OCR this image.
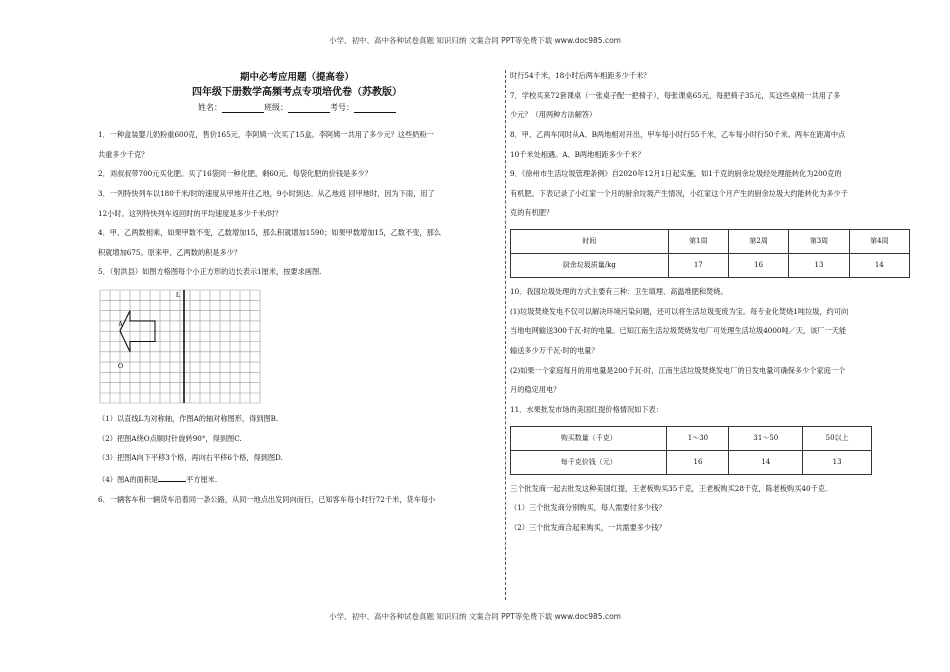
小学、初中、高中各种试卷真题 知识归纳 文案合同 PPT等免费下载 www.doc985.com

期中必考应用题（提高卷）

四年级下册数学高频考点专项培优卷（苏教版）

姓名：	班级：	考号：

1．一种盒装婴儿奶粉重600克，售价165元，李阿姨一次买了15盒。李阿姨一共用了多少元？这些奶粉一

共重多少千克？

2．刘叔叔带700元买化肥。买了16袋同一种化肥，剩60元。每袋化肥的价钱是多少？

3．一列特快列车以180千米/时的速度从甲地开往乙地，9小时到达。从乙地返 回甲地时，因为下雨，用了

12小时。这列特快列车返回时的平均速度是多少千米/时？

4．甲、乙两数相乘，如果甲数不变，乙数增加15，那么积就增加1590；如果甲数增加15，乙数不变，那么

积就增加675。原来甲、乙两数的积是多少？

5．（射洪县）如图方格图每个小正方形的边长表示1厘米，按要求画图.

L
A
O

（1）以直线L为对称轴，作图A的轴对称图形，得到图B.

（2）把图A绕O点顺时针旋转90°，得到图C.

（3）把图A向下平移3个格，再向右平移6个格，得到图D.

（4）图A的面积是	平方厘米.

6．一辆客车和一辆货车沿着同一条公路，从同一地点出发同向而行，已知客车每小时行72千米，货车每小

时行54千米，18小时后两车相距多少千米？

7．学校买来72套课桌（一张桌子配一把椅子），每张课桌65元，每把椅子35元，买这些桌椅一共用了多

少元？（用两种方法解答）

8．甲、乙两车同时从A、B两地相对开出，甲车每小时行55千米，乙车每小时行50千米。两车在距离中点

10千米处相遇。A、B两地相距多少千米？

9．《徐州市生活垃圾管理条例》自2020年12月1日起实施，如1千克的厨余垃圾经处理能转化为200克的

有机肥。下表记录了小红家一个月的厨余垃圾产生情况，小红家这个月产生的厨余垃圾大约能转化为多少千

克的有机肥？

时间	第1周	第2周	第3周	第4周
厨余垃圾质量/kg	17	16	13	14

10．我国垃圾处理的方式主要有三种：卫生填埋、高温堆肥和焚烧。

(1)垃圾焚烧发电不仅可以解决环境污染问题，还可以将生活垃圾变废为宝。每专业化焚烧1吨垃圾，约可向

当地电网输送300千瓦·时的电量。已知江南生活垃圾焚烧发电厂可处理生活垃圾4000吨／天，该厂一天能

输送多少万千瓦·时的电量？

(2)如果一个家庭每月的用电量是200千瓦·时，江南生活垃圾焚烧发电厂的日发电量可确保多少个家庭一个

月的稳定用电？

11．水果批发市场的美国红提价格情况如下表：

购买数量（千克）	1～30	31～50	50以上
每千克价钱（元）	16	14	13

三个批发商一起去批发这种美国红提，王老板购买35千克，王老板购买28千克，陈老板购买40千克.

（1）三个批发商分别购买，每人需要付多少钱？

（2）三个批发商合起来购买，一共需要多少钱？

小学、初中、高中各种试卷真题 知识归纳 文案合同 PPT等免费下载 www.doc985.com
